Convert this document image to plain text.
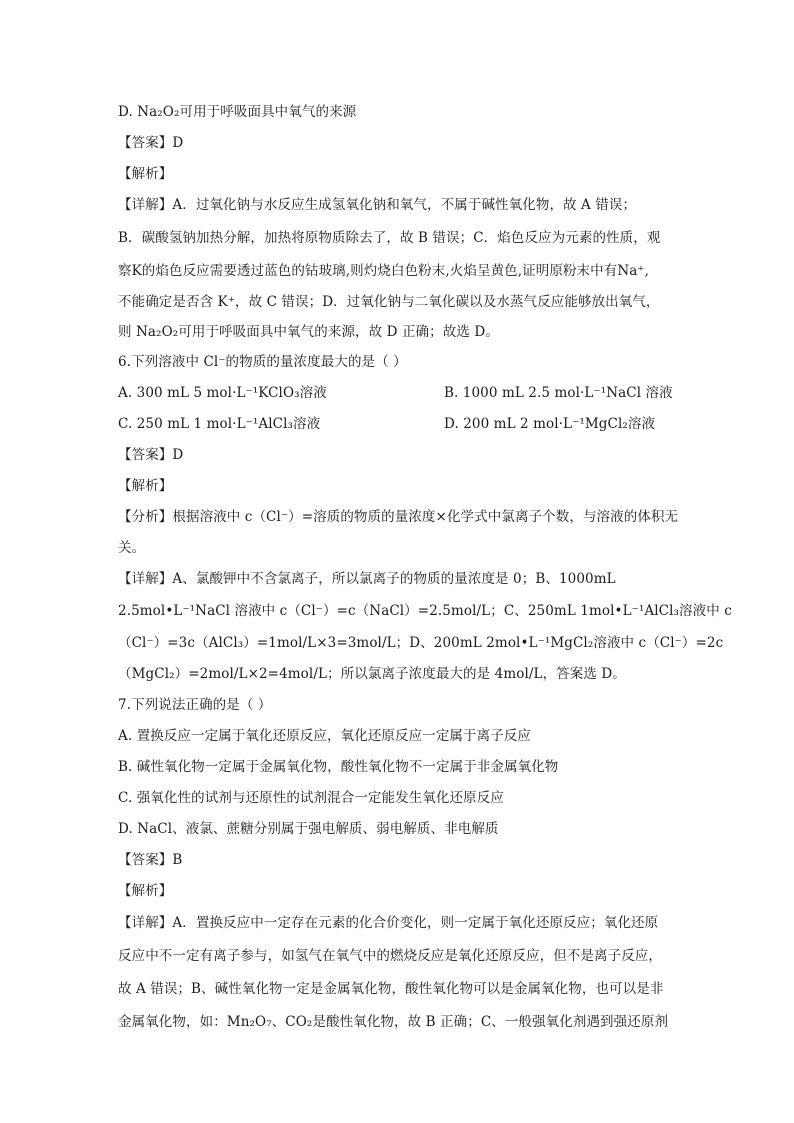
D. Na₂O₂可用于呼吸面具中氧气的来源
【答案】D
【解析】
【详解】A．过氧化钠与水反应生成氢氧化钠和氧气，不属于碱性氧化物，故 A 错误；
B．碳酸氢钠加热分解，加热将原物质除去了，故 B 错误；C．焰色反应为元素的性质，观
察K的焰色反应需要透过蓝色的钴玻璃,则灼烧白色粉末,火焰呈黄色,证明原粉末中有Na⁺,
不能确定是否含 K⁺，故 C 错误；D．过氧化钠与二氧化碳以及水蒸气反应能够放出氧气，
则 Na₂O₂可用于呼吸面具中氧气的来源，故 D 正确；故选 D。
6.下列溶液中 Cl⁻的物质的量浓度最大的是（ ）
A. 300 mL 5 mol·L⁻¹KClO₃溶液	B. 1000 mL 2.5 mol·L⁻¹NaCl 溶液
C. 250 mL 1 mol·L⁻¹AlCl₃溶液	D. 200 mL 2 mol·L⁻¹MgCl₂溶液
【答案】D
【解析】
【分析】根据溶液中 c（Cl⁻）=溶质的物质的量浓度×化学式中氯离子个数，与溶液的体积无
关。
【详解】A、氯酸钾中不含氯离子，所以氯离子的物质的量浓度是 0；B、1000mL
2.5mol•L⁻¹NaCl 溶液中 c（Cl⁻）=c（NaCl）=2.5mol/L；C、250mL 1mol•L⁻¹AlCl₃溶液中 c
（Cl⁻）=3c（AlCl₃）=1mol/L×3=3mol/L；D、200mL 2mol•L⁻¹MgCl₂溶液中 c（Cl⁻）=2c
（MgCl₂）=2mol/L×2=4mol/L；所以氯离子浓度最大的是 4mol/L，答案选 D。
7.下列说法正确的是（ ）
A. 置换反应一定属于氧化还原反应，氧化还原反应一定属于离子反应
B. 碱性氧化物一定属于金属氧化物，酸性氧化物不一定属于非金属氧化物
C. 强氧化性的试剂与还原性的试剂混合一定能发生氧化还原反应
D. NaCl、液氯、蔗糖分别属于强电解质、弱电解质、非电解质
【答案】B
【解析】
【详解】A．置换反应中一定存在元素的化合价变化，则一定属于氧化还原反应；氧化还原
反应中不一定有离子参与，如氢气在氧气中的燃烧反应是氧化还原反应，但不是离子反应，
故 A 错误；B、碱性氧化物一定是金属氧化物，酸性氧化物可以是金属氧化物，也可以是非
金属氧化物，如：Mn₂O₇、CO₂是酸性氧化物，故 B 正确；C、一般强氧化剂遇到强还原剂
